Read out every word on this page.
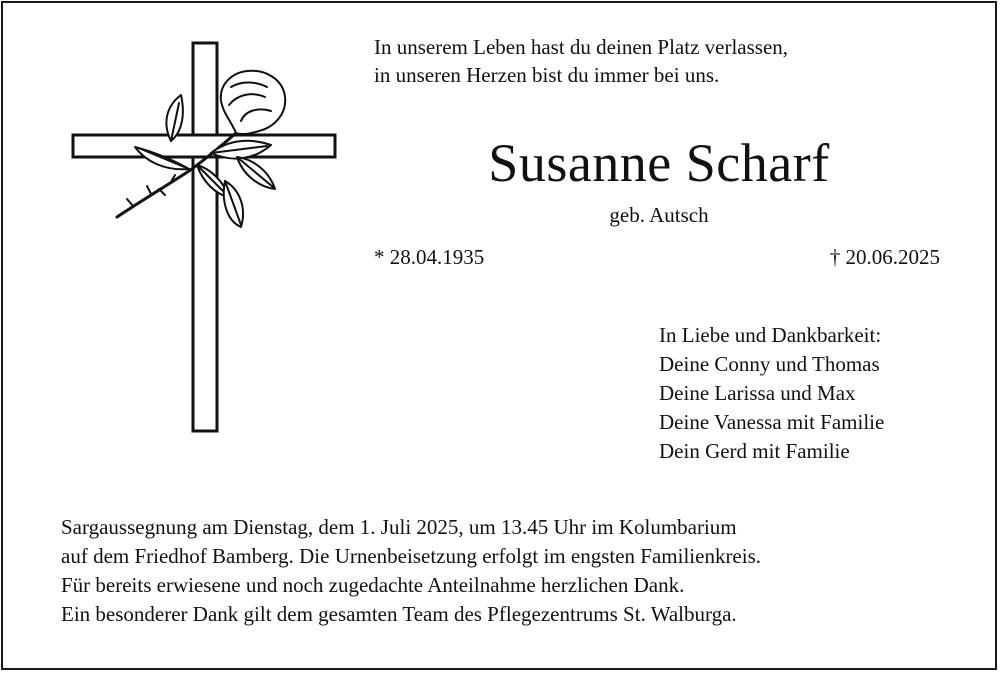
In unserem Leben hast du deinen Platz verlassen,
in unseren Herzen bist du immer bei uns.
Susanne Scharf
geb. Autsch
* 28.04.1935	† 20.06.2025
In Liebe und Dankbarkeit:
Deine Conny und Thomas
Deine Larissa und Max
Deine Vanessa mit Familie
Dein Gerd mit Familie
Sargaussegnung am Dienstag, dem 1. Juli 2025, um 13.45 Uhr im Kolumbarium
auf dem Friedhof Bamberg. Die Urnenbeisetzung erfolgt im engsten Familienkreis.
Für bereits erwiesene und noch zugedachte Anteilnahme herzlichen Dank.
Ein besonderer Dank gilt dem gesamten Team des Pflegezentrums St. Walburga.
